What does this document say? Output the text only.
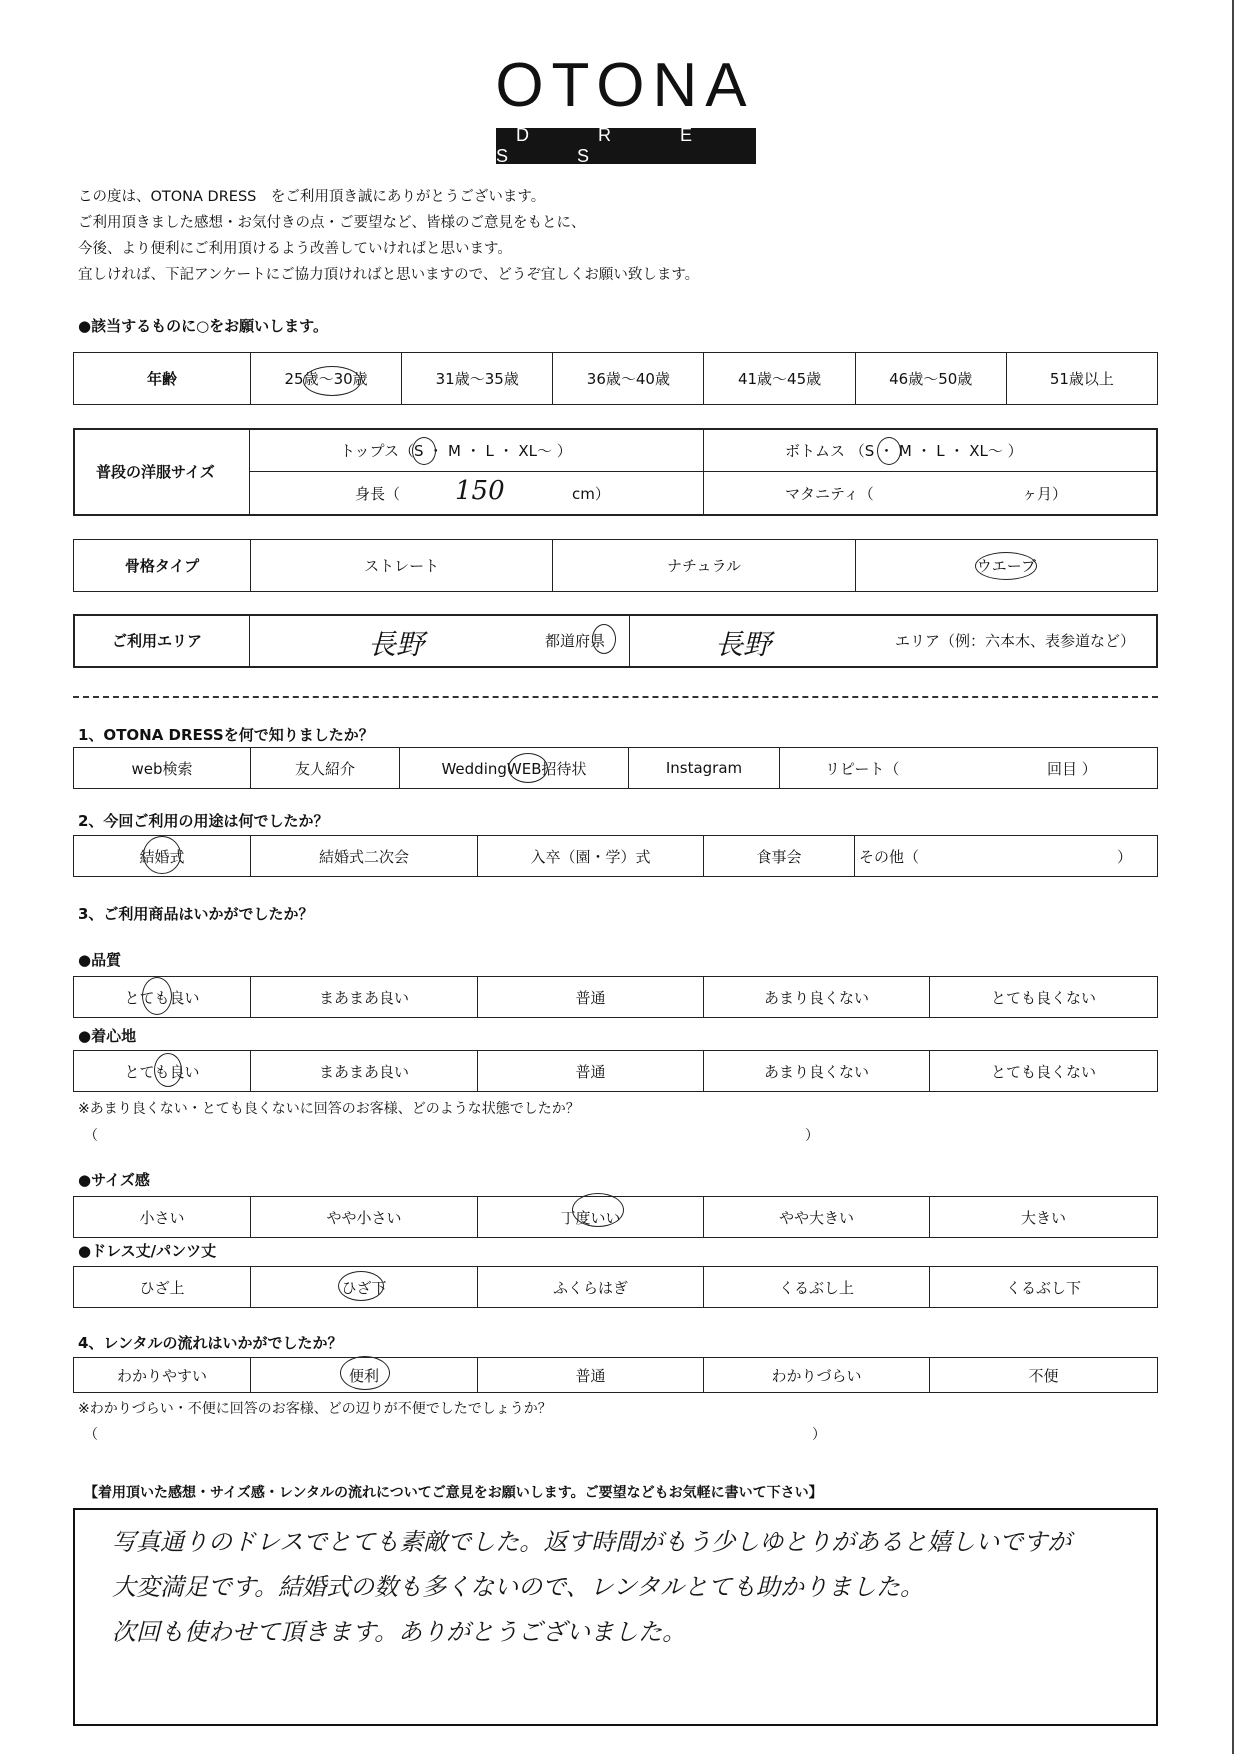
OTONA
D R E S S
この度は、OTONA DRESS　をご利用頂き誠にありがとうございます。
ご利用頂きました感想・お気付きの点・ご要望など、皆様のご意見をもとに、
今後、より便利にご利用頂けるよう改善していければと思います。
宜しければ、下記アンケートにご協力頂ければと思いますので、どうぞ宜しくお願い致します。
●該当するものに○をお願いします。
年齢	25歳～30歳	31歳～35歳	36歳～40歳	41歳～45歳	46歳～50歳	51歳以上
普段の洋服サイズ
トップス（S ・ M ・ L ・ XL～ ）	ボトムス （S ・ M ・ L ・ XL～ ）
身長（ 150	cm）	マタニティ（	ヶ月）
骨格タイプ	ストレート	ナチュラル	ウエーブ
ご利用エリア	長野	都道府県	長野	エリア（例：六本木、表参道など）
1、OTONA DRESSを何で知りましたか？
web検索	友人紹介	WeddingWEB招待状	Instagram	リピート（	回目 ）
2、今回ご利用の用途は何でしたか？
結婚式	結婚式二次会	入卒（園・学）式	食事会	その他（	）
3、ご利用商品はいかがでしたか？
●品質
とても良い	まあまあ良い	普通	あまり良くない	とても良くない
●着心地
とても良い	まあまあ良い	普通	あまり良くない	とても良くない
※あまり良くない・とても良くないに回答のお客様、どのような状態でしたか？
（	）
●サイズ感
小さい	やや小さい	丁度いい	やや大きい	大きい
●ドレス丈/パンツ丈
ひざ上	ひざ下	ふくらはぎ	くるぶし上	くるぶし下
4、レンタルの流れはいかがでしたか？
わかりやすい	便利	普通	わかりづらい	不便
※わかりづらい・不便に回答のお客様、どの辺りが不便でしたでしょうか？
（	）
【着用頂いた感想・サイズ感・レンタルの流れについてご意見をお願いします。ご要望などもお気軽に書いて下さい】
写真通りのドレスでとても素敵でした。返す時間がもう少しゆとりがあると嬉しいですが
大変満足です。結婚式の数も多くないので、レンタルとても助かりました。
次回も使わせて頂きます。ありがとうございました。
